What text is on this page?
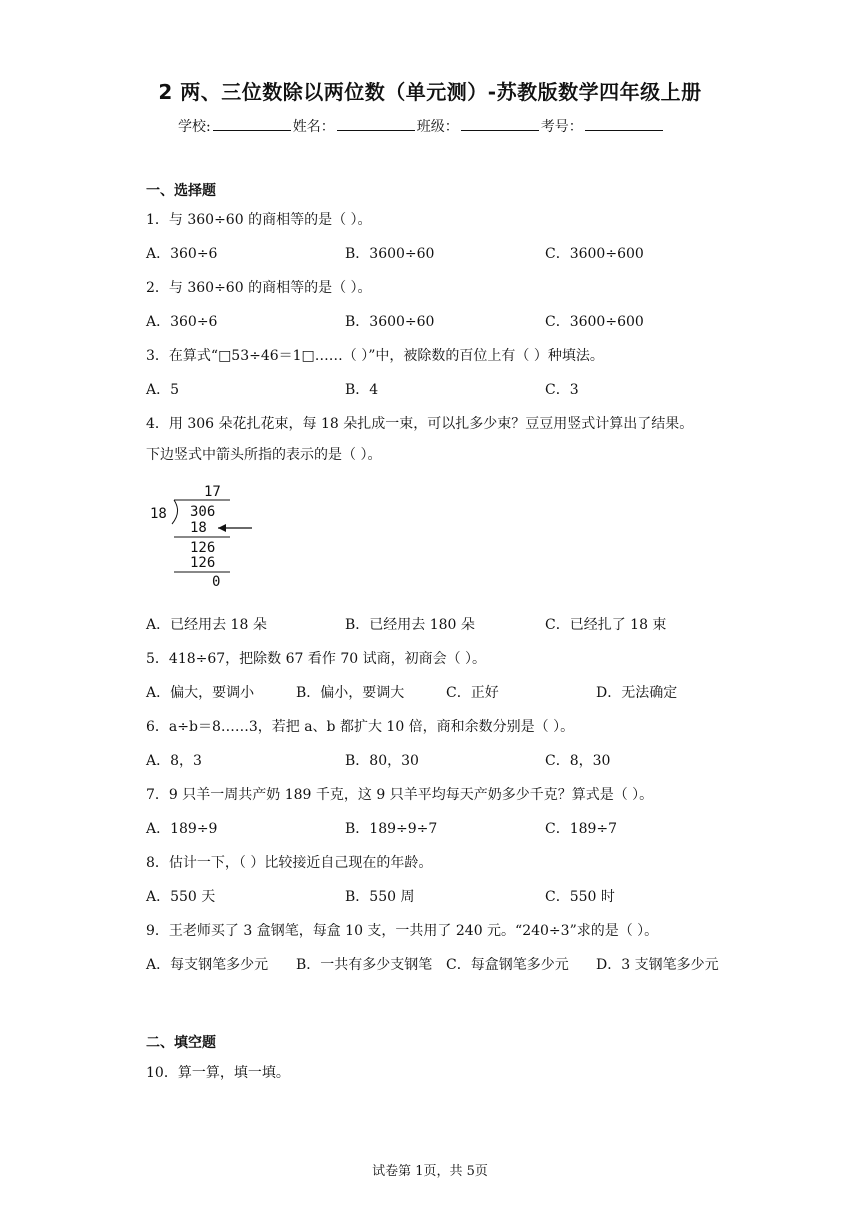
2 两、三位数除以两位数（单元测）-苏教版数学四年级上册
学校:	姓名：	班级：	考号：
一、选择题
1．与 360÷60 的商相等的是（ ）。
A．360÷6	B．3600÷60	C．3600÷600
2．与 360÷60 的商相等的是（ ）。
A．360÷6	B．3600÷60	C．3600÷600
3．在算式“□53÷46＝1□……（ ）”中，被除数的百位上有（ ）种填法。
A．5	B．4	C．3
4．用 306 朵花扎花束，每 18 朵扎成一束，可以扎多少束？豆豆用竖式计算出了结果。
下边竖式中箭头所指的表示的是（ ）。
17
18 306
18
126
126
0
A．已经用去 18 朵	B．已经用去 180 朵	C．已经扎了 18 束
5．418÷67，把除数 67 看作 70 试商，初商会（ ）。
A．偏大，要调小	B．偏小，要调大	C．正好	D．无法确定
6．a÷b＝8……3，若把 a、b 都扩大 10 倍，商和余数分别是（ ）。
A．8，3	B．80，30	C．8，30
7．9 只羊一周共产奶 189 千克，这 9 只羊平均每天产奶多少千克？算式是（ ）。
A．189÷9	B．189÷9÷7	C．189÷7
8．估计一下，（ ）比较接近自己现在的年龄。
A．550 天	B．550 周	C．550 时
9．王老师买了 3 盒钢笔，每盒 10 支，一共用了 240 元。“240÷3”求的是（ ）。
A．每支钢笔多少元 B．一共有多少支钢笔 C．每盒钢笔多少元 D．3 支钢笔多少元
二、填空题
10．算一算，填一填。
试卷第 1页，共 5页
